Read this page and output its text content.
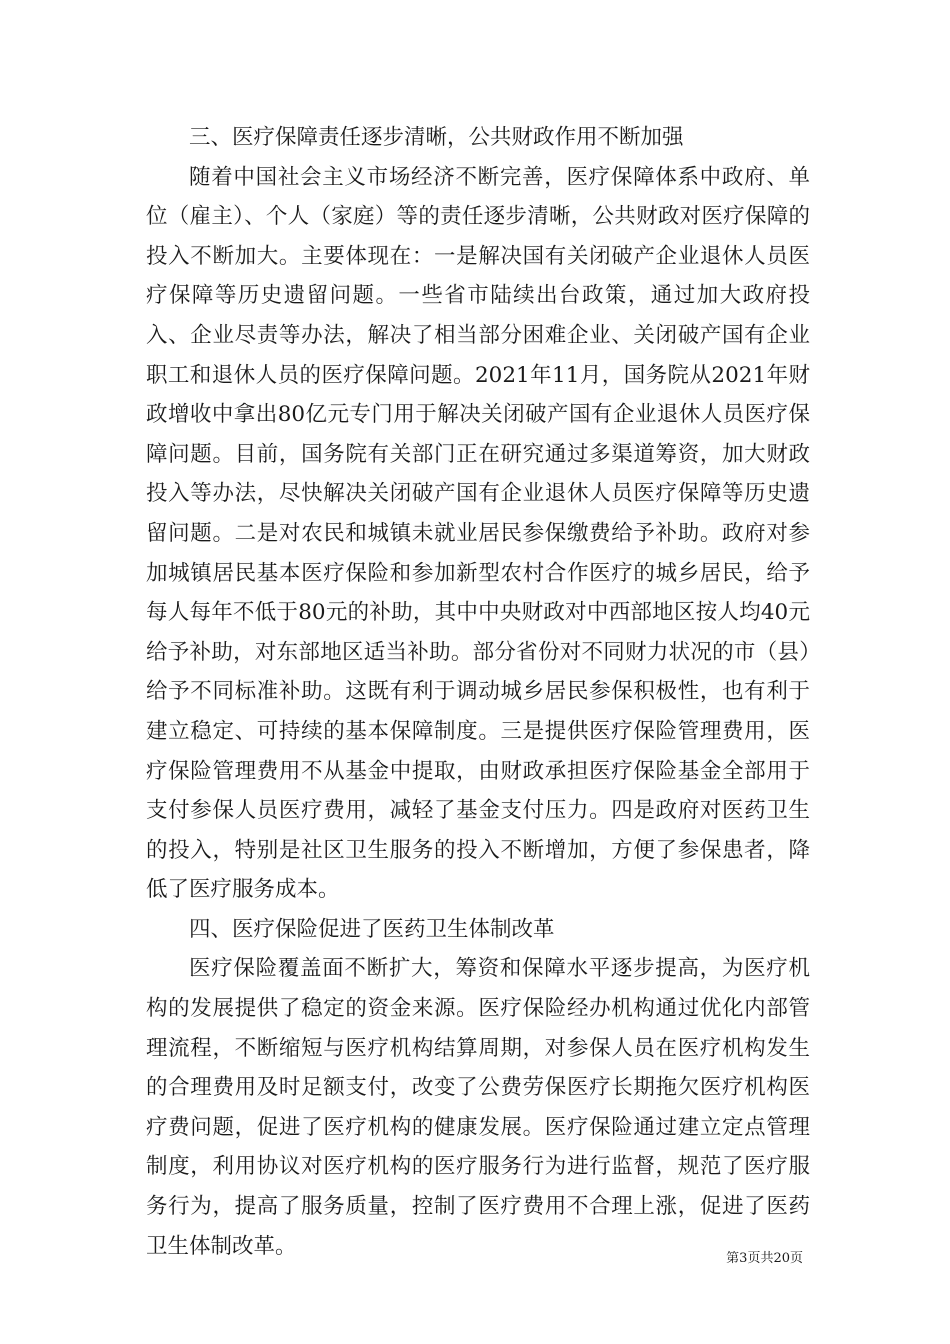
三、医疗保障责任逐步清晰，公共财政作用不断加强

随着中国社会主义市场经济不断完善，医疗保障体系中政府、单位（雇主）、个人（家庭）等的责任逐步清晰，公共财政对医疗保障的投入不断加大。主要体现在：一是解决国有关闭破产企业退休人员医疗保障等历史遗留问题。一些省市陆续出台政策，通过加大政府投入、企业尽责等办法，解决了相当部分困难企业、关闭破产国有企业职工和退休人员的医疗保障问题。2021年11月，国务院从2021年财政增收中拿出80亿元专门用于解决关闭破产国有企业退休人员医疗保障问题。目前，国务院有关部门正在研究通过多渠道筹资，加大财政投入等办法，尽快解决关闭破产国有企业退休人员医疗保障等历史遗留问题。二是对农民和城镇未就业居民参保缴费给予补助。政府对参加城镇居民基本医疗保险和参加新型农村合作医疗的城乡居民，给予每人每年不低于80元的补助，其中中央财政对中西部地区按人均40元给予补助，对东部地区适当补助。部分省份对不同财力状况的市（县）给予不同标准补助。这既有利于调动城乡居民参保积极性，也有利于建立稳定、可持续的基本保障制度。三是提供医疗保险管理费用，医疗保险管理费用不从基金中提取，由财政承担医疗保险基金全部用于支付参保人员医疗费用，减轻了基金支付压力。四是政府对医药卫生的投入，特别是社区卫生服务的投入不断增加，方便了参保患者，降低了医疗服务成本。

四、医疗保险促进了医药卫生体制改革

医疗保险覆盖面不断扩大，筹资和保障水平逐步提高，为医疗机构的发展提供了稳定的资金来源。医疗保险经办机构通过优化内部管理流程，不断缩短与医疗机构结算周期，对参保人员在医疗机构发生的合理费用及时足额支付，改变了公费劳保医疗长期拖欠医疗机构医疗费问题，促进了医疗机构的健康发展。医疗保险通过建立定点管理制度，利用协议对医疗机构的医疗服务行为进行监督，规范了医疗服务行为，提高了服务质量，控制了医疗费用不合理上涨，促进了医药卫生体制改革。	第3页共20页
